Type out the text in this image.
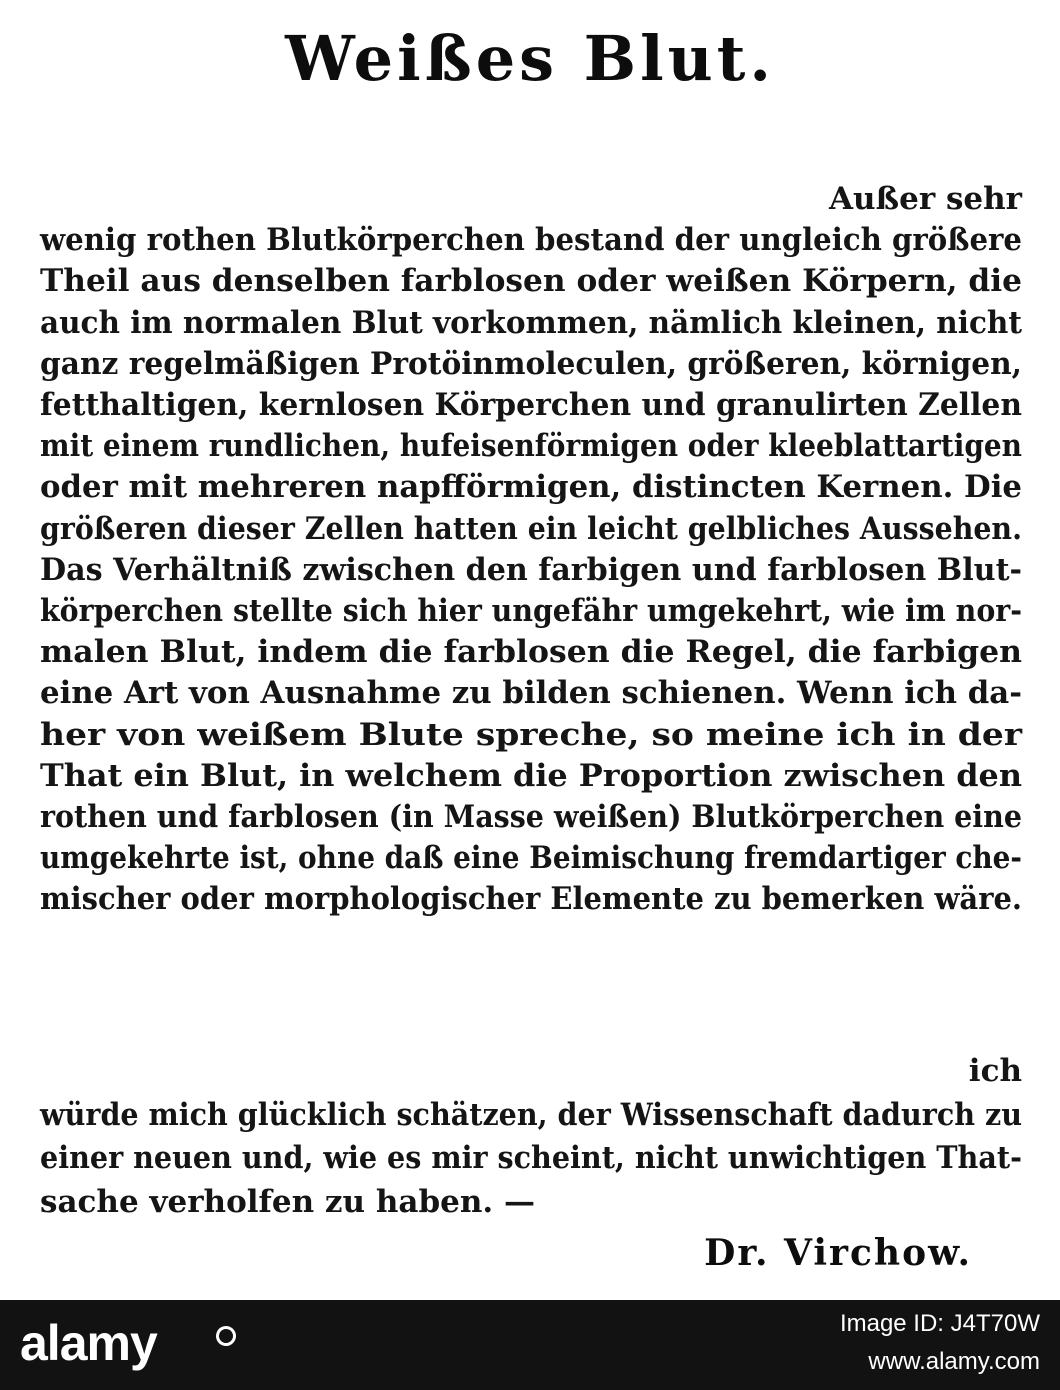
Weißes Blut.
Außer sehr
wenig rothen Blutkörperchen bestand der ungleich größere
Theil aus denselben farblosen oder weißen Körpern, die
auch im normalen Blut vorkommen, nämlich kleinen, nicht
ganz regelmäßigen Protöinmoleculen, größeren, körnigen,
fetthaltigen, kernlosen Körperchen und granulirten Zellen
mit einem rundlichen, hufeisenförmigen oder kleeblattartigen
oder mit mehreren napfförmigen, distincten Kernen. Die
größeren dieser Zellen hatten ein leicht gelbliches Aussehen.
Das Verhältniß zwischen den farbigen und farblosen Blut-
körperchen stellte sich hier ungefähr umgekehrt, wie im nor-
malen Blut, indem die farblosen die Regel, die farbigen
eine Art von Ausnahme zu bilden schienen. Wenn ich da-
her von weißem Blute spreche, so meine ich in der
That ein Blut, in welchem die Proportion zwischen den
rothen und farblosen (in Masse weißen) Blutkörperchen eine
umgekehrte ist, ohne daß eine Beimischung fremdartiger che-
mischer oder morphologischer Elemente zu bemerken wäre.
ich
würde mich glücklich schätzen, der Wissenschaft dadurch zu
einer neuen und, wie es mir scheint, nicht unwichtigen That-
sache verholfen zu haben. —
Dr. Virchow.
alamy	Image ID: J4T70W
www.alamy.com
